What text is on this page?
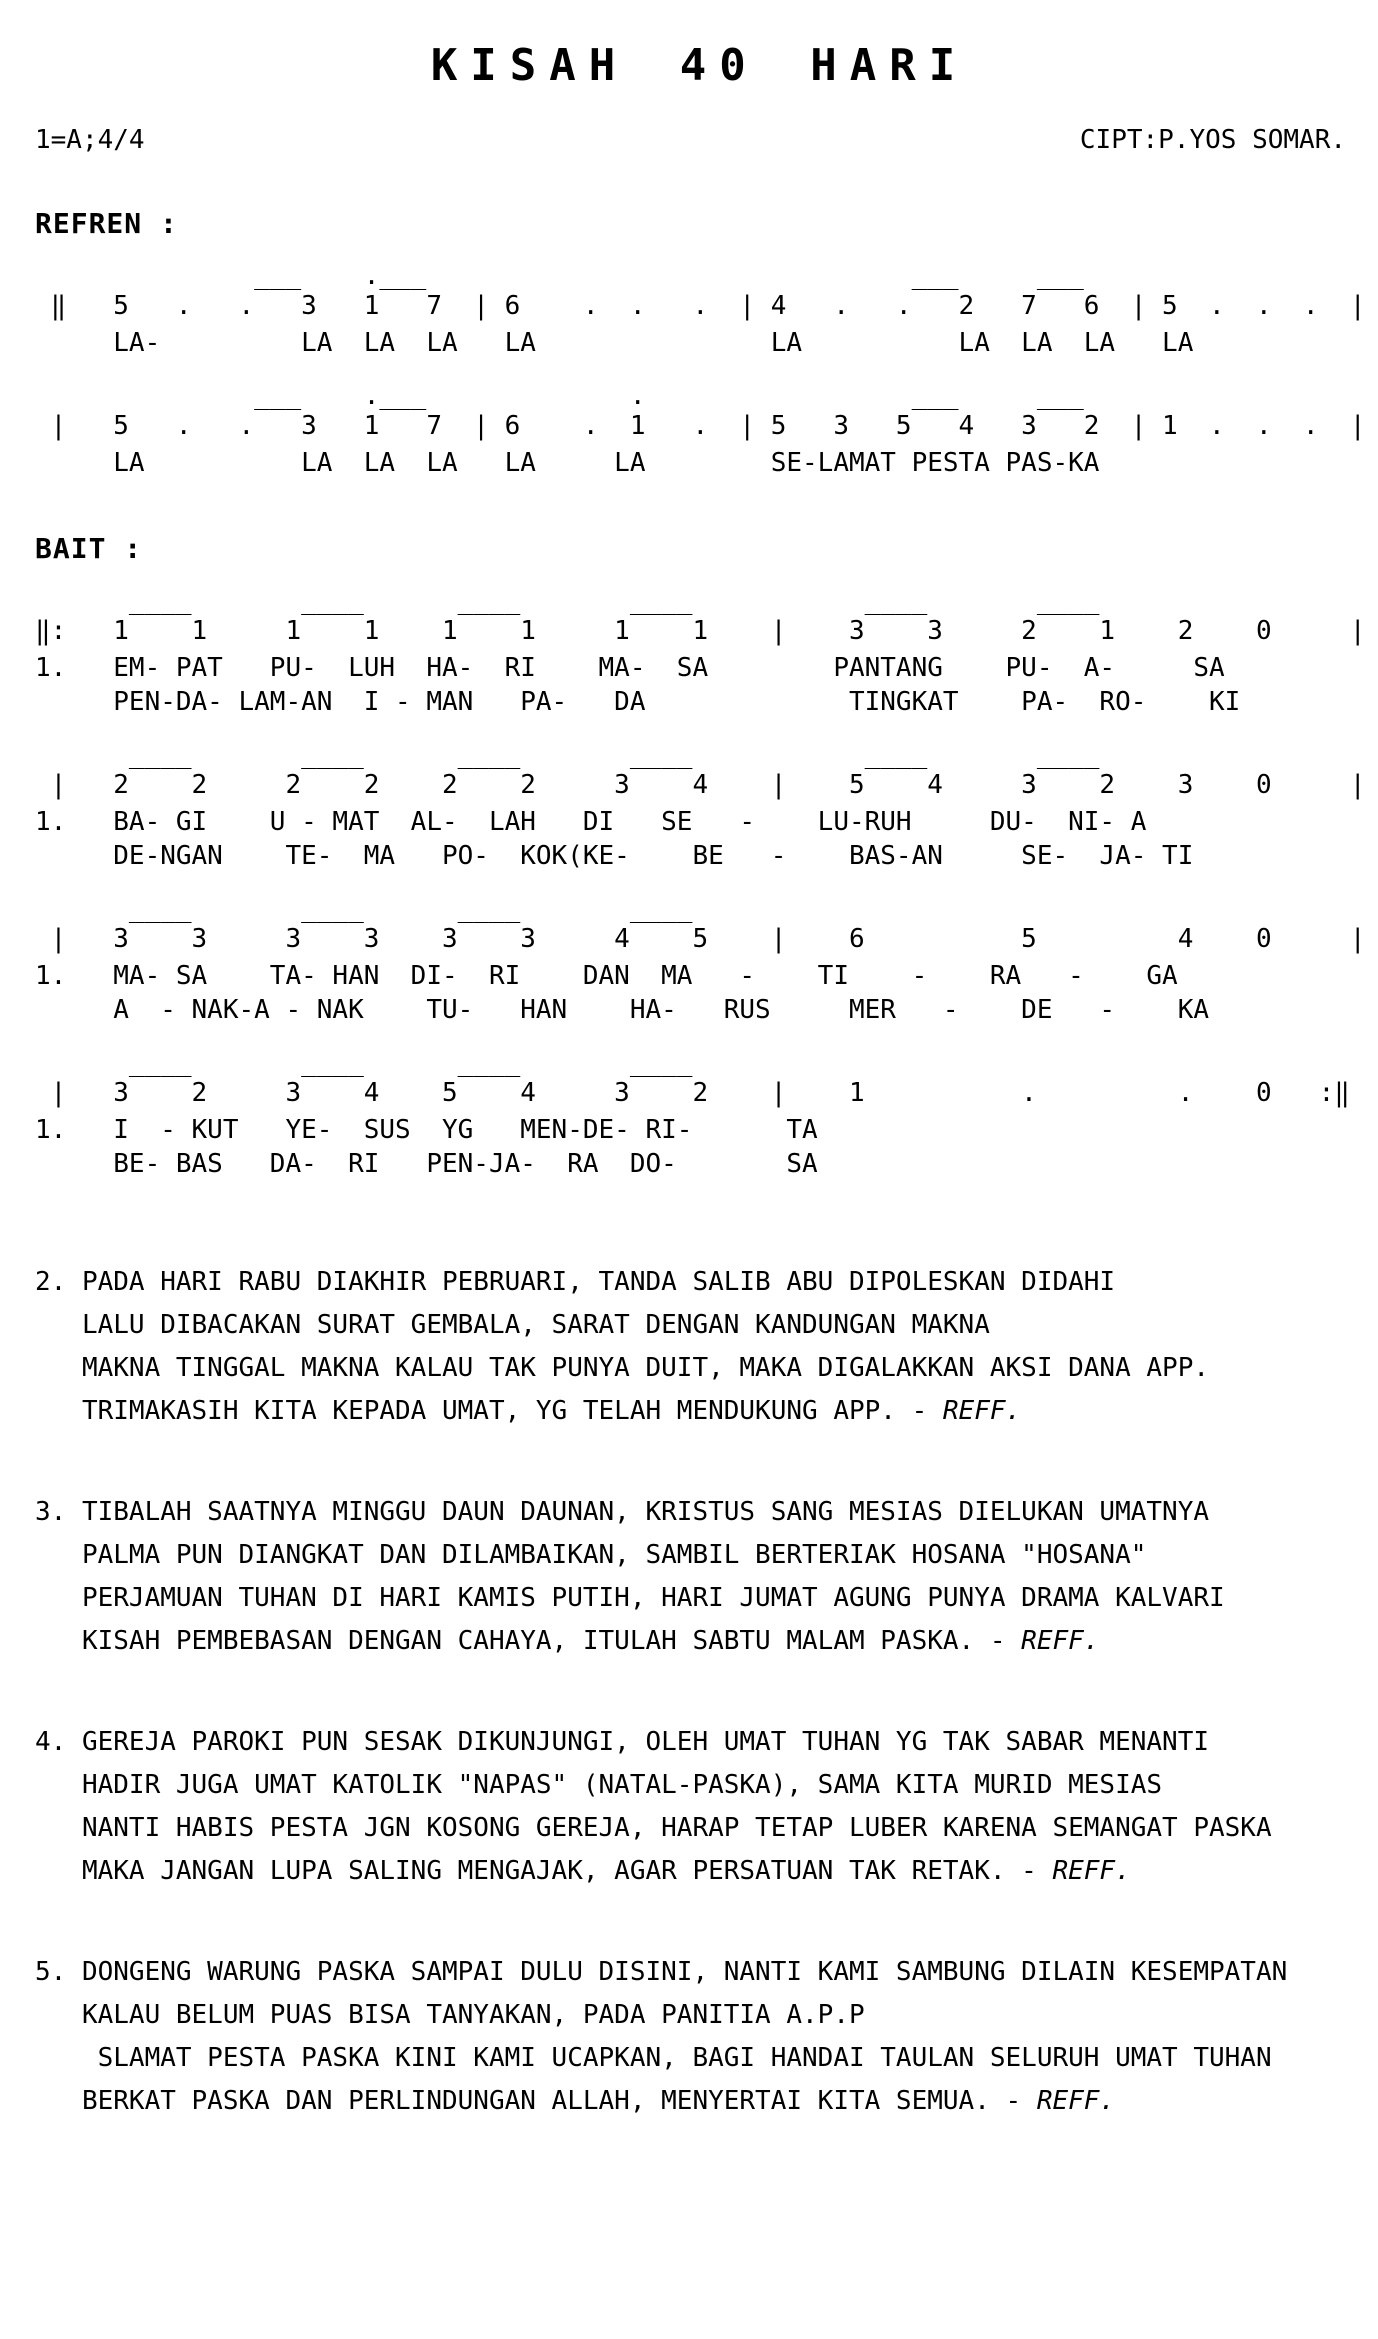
KISAH 40 HARI
1=A;4/4	CIPT:P.YOS SOMAR.
REFREN :
___    .___                               ___     ___
‖   5   .   .   3   1   7  | 6    .  .   .  | 4   .   .   2   7   6  | 5  .  .  .  |
LA-         LA  LA  LA   LA               LA          LA  LA  LA   LA
___    .___             .                 ___     ___
|   5   .   .   3   1   7  | 6    .  1   .  | 5   3   5   4   3   2  | 1  .  .  .  |
LA          LA  LA  LA   LA     LA        SE-LAMAT PESTA PAS-KA
BAIT :
____       ____      ____       ____           ____       ____
‖:   1    1     1    1    1    1     1    1    |    3    3     2    1    2    0     |
1.   EM- PAT   PU-  LUH  HA-  RI    MA-  SA        PANTANG    PU-  A-     SA
PEN-DA- LAM-AN  I - MAN   PA-   DA             TINGKAT    PA-  RO-    KI
____       ____      ____       ____           ____       ____
|   2    2     2    2    2    2     3    4    |    5    4     3    2    3    0     |
1.   BA- GI    U - MAT  AL-  LAH   DI   SE   -    LU-RUH     DU-  NI- A
DE-NGAN    TE-  MA   PO-  KOK(KE-    BE   -    BAS-AN     SE-  JA- TI
____       ____      ____       ____
|   3    3     3    3    3    3     4    5    |    6          5         4    0     |
1.   MA- SA    TA- HAN  DI-  RI    DAN  MA   -    TI    -    RA   -    GA
A  - NAK-A - NAK    TU-   HAN    HA-   RUS     MER   -    DE   -    KA
____       ____      ____       ____
|   3    2     3    4    5    4     3    2    |    1          .         .    0   :‖
1.   I  - KUT   YE-  SUS  YG   MEN-DE- RI-      TA
BE- BAS   DA-  RI   PEN-JA-  RA  DO-       SA
2. PADA HARI RABU DIAKHIR PEBRUARI, TANDA SALIB ABU DIPOLESKAN DIDAHI
LALU DIBACAKAN SURAT GEMBALA, SARAT DENGAN KANDUNGAN MAKNA
MAKNA TINGGAL MAKNA KALAU TAK PUNYA DUIT, MAKA DIGALAKKAN AKSI DANA APP.
TRIMAKASIH KITA KEPADA UMAT, YG TELAH MENDUKUNG APP. - REFF.
3. TIBALAH SAATNYA MINGGU DAUN DAUNAN, KRISTUS SANG MESIAS DIELUKAN UMATNYA
PALMA PUN DIANGKAT DAN DILAMBAIKAN, SAMBIL BERTERIAK HOSANA "HOSANA"
PERJAMUAN TUHAN DI HARI KAMIS PUTIH, HARI JUMAT AGUNG PUNYA DRAMA KALVARI
KISAH PEMBEBASAN DENGAN CAHAYA, ITULAH SABTU MALAM PASKA. - REFF.
4. GEREJA PAROKI PUN SESAK DIKUNJUNGI, OLEH UMAT TUHAN YG TAK SABAR MENANTI
HADIR JUGA UMAT KATOLIK "NAPAS" (NATAL-PASKA), SAMA KITA MURID MESIAS
NANTI HABIS PESTA JGN KOSONG GEREJA, HARAP TETAP LUBER KARENA SEMANGAT PASKA
MAKA JANGAN LUPA SALING MENGAJAK, AGAR PERSATUAN TAK RETAK. - REFF.
5. DONGENG WARUNG PASKA SAMPAI DULU DISINI, NANTI KAMI SAMBUNG DILAIN KESEMPATAN
KALAU BELUM PUAS BISA TANYAKAN, PADA PANITIA A.P.P
SLAMAT PESTA PASKA KINI KAMI UCAPKAN, BAGI HANDAI TAULAN SELURUH UMAT TUHAN
BERKAT PASKA DAN PERLINDUNGAN ALLAH, MENYERTAI KITA SEMUA. - REFF.
